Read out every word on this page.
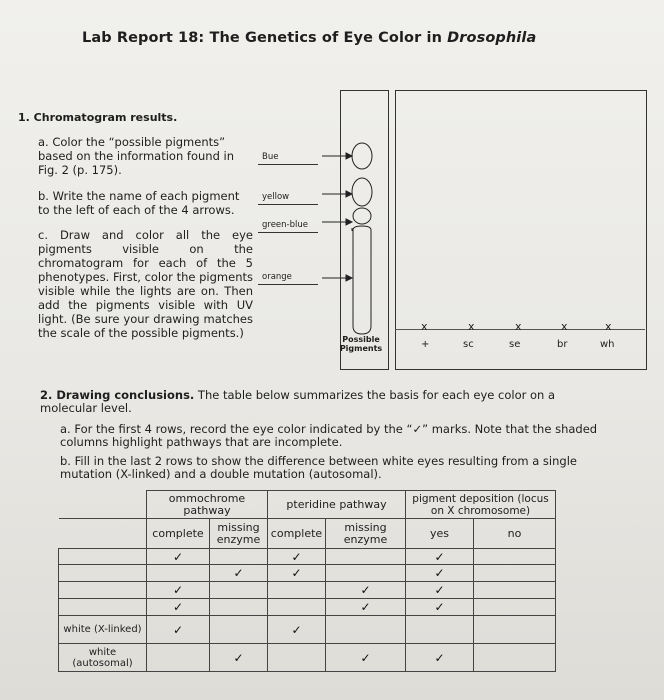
Lab Report 18: The Genetics of Eye Color in Drosophila
1. Chromatogram results.
a. Color the “possible pigments” based on the information found in Fig. 2 (p. 175).
b. Write the name of each pigment to the left of each of the 4 arrows.
c. Draw and color all the eye pigments visible on the chromatogram for each of the 5 phenotypes. First, color the pigments visible while the lights are on. Then add the pigments visible with UV light. (Be sure your drawing matches the scale of the possible pigments.)
Bue
yellow
green-blue
orange
Possible Pigments
x	x	x	x	x
+	sc	se	br	wh
2. Drawing conclusions. The table below summarizes the basis for each eye color on a molecular level.
a. For the first 4 rows, record the eye color indicated by the “✓” marks. Note that the shaded columns highlight pathways that are incomplete.
b. Fill in the last 2 rows to show the difference between white eyes resulting from a single mutation (X-linked) and a double mutation (autosomal).
	ommochrome pathway		pteridine pathway		pigment deposition (locus on X chromosome)	
	complete	missing enzyme	complete	missing enzyme	yes	no
	✓		✓		✓	
		✓	✓		✓	
	✓			✓	✓	
	✓			✓	✓	
white (X-linked)	✓		✓			
white (autosomal)		✓		✓	✓	
